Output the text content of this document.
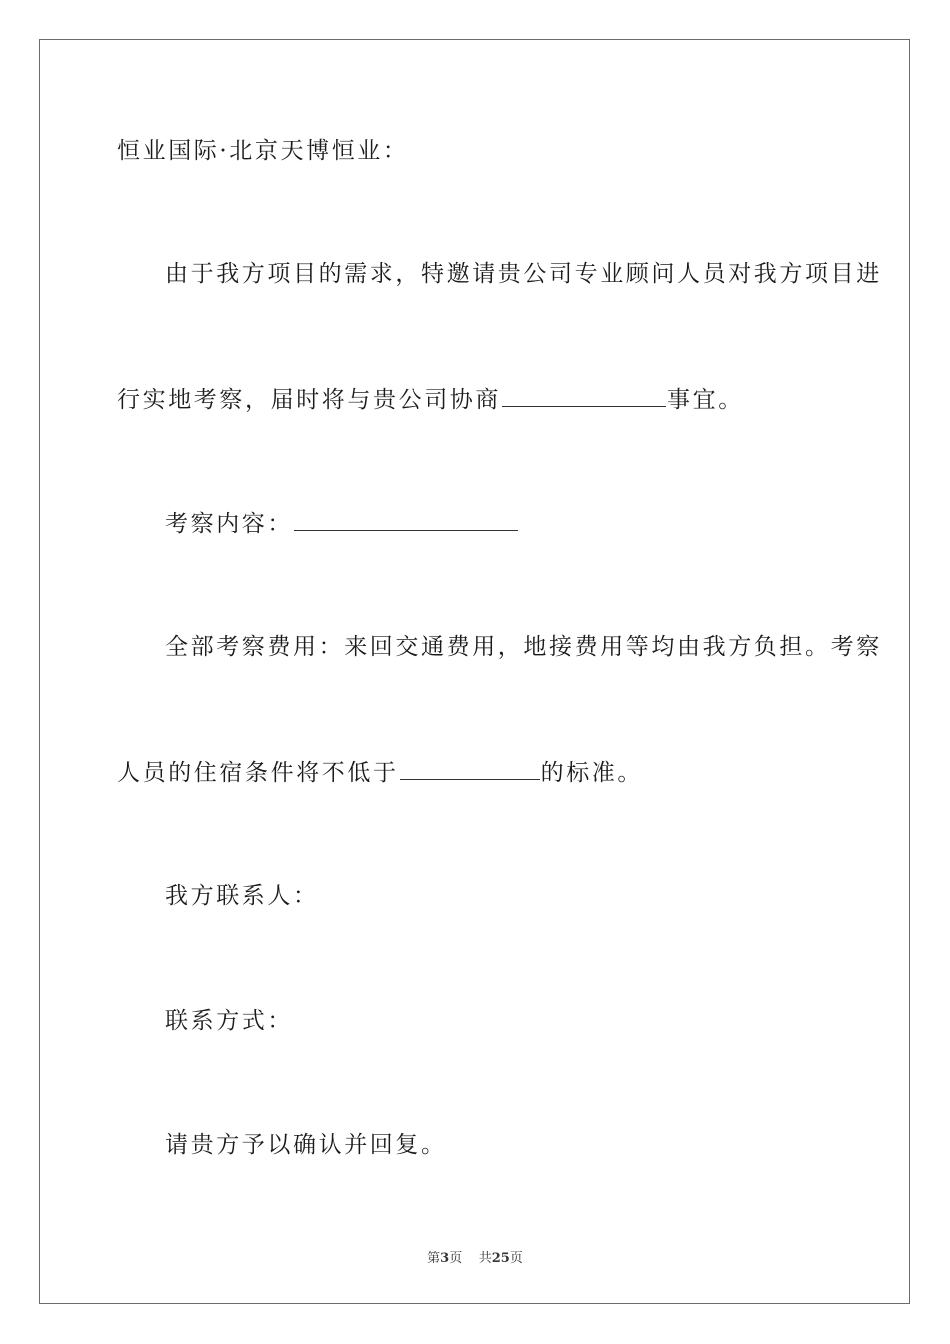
恒业国际·北京天博恒业：
由于我方项目的需求，特邀请贵公司专业顾问人员对我方项目进
行实地考察，届时将与贵公司协商	事宜。
考察内容：
全部考察费用：来回交通费用，地接费用等均由我方负担。考察
人员的住宿条件将不低于	的标准。
我方联系人：
联系方式：
请贵方予以确认并回复。
第3页 共25页
